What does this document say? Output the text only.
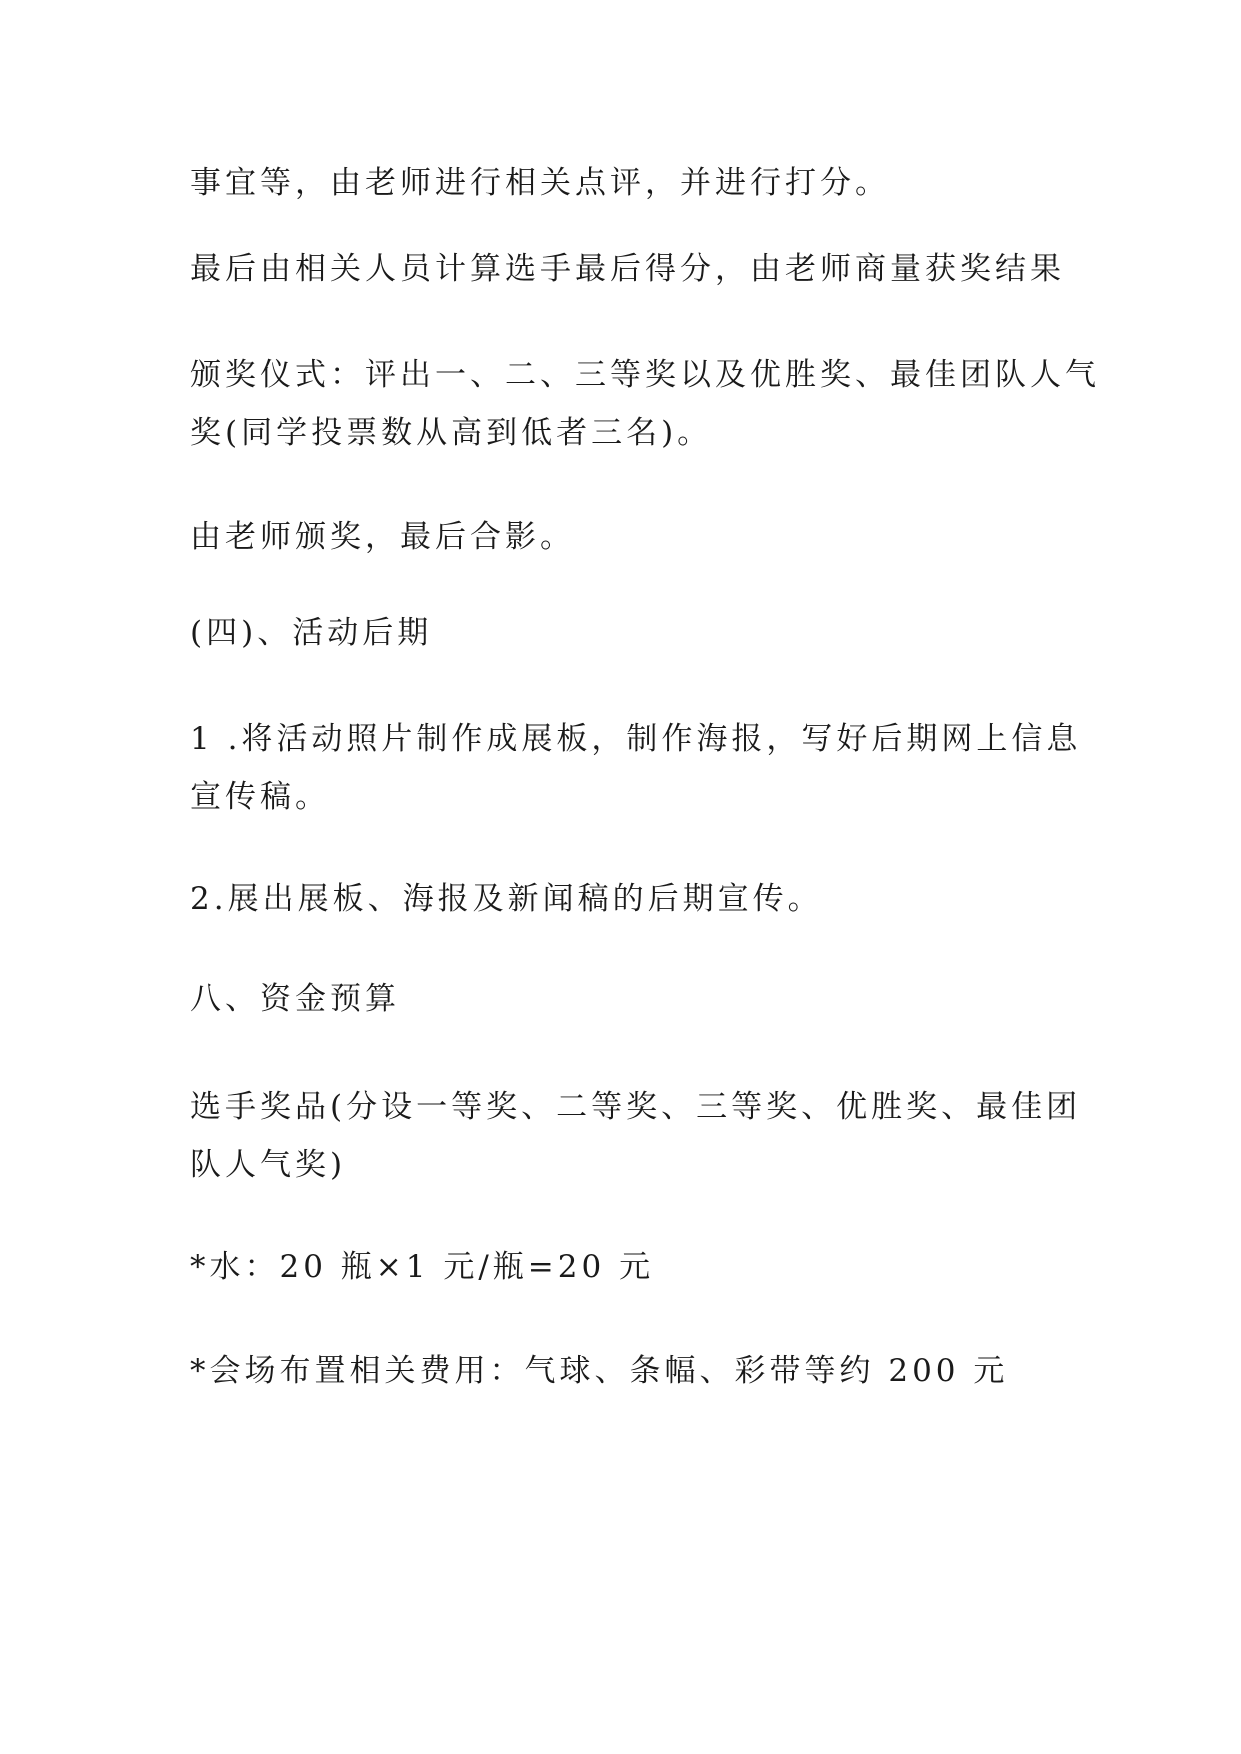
事宜等，由老师进行相关点评，并进行打分。

最后由相关人员计算选手最后得分，由老师商量获奖结果

颁奖仪式：评出一、二、三等奖以及优胜奖、最佳团队人气
奖(同学投票数从高到低者三名)。

由老师颁奖，最后合影。

(四)、活动后期

1 .将活动照片制作成展板，制作海报，写好后期网上信息
宣传稿。

2.展出展板、海报及新闻稿的后期宣传。

八、资金预算

选手奖品(分设一等奖、二等奖、三等奖、优胜奖、最佳团
队人气奖)

*水：20 瓶×1 元/瓶=20 元

*会场布置相关费用：气球、条幅、彩带等约 200 元
